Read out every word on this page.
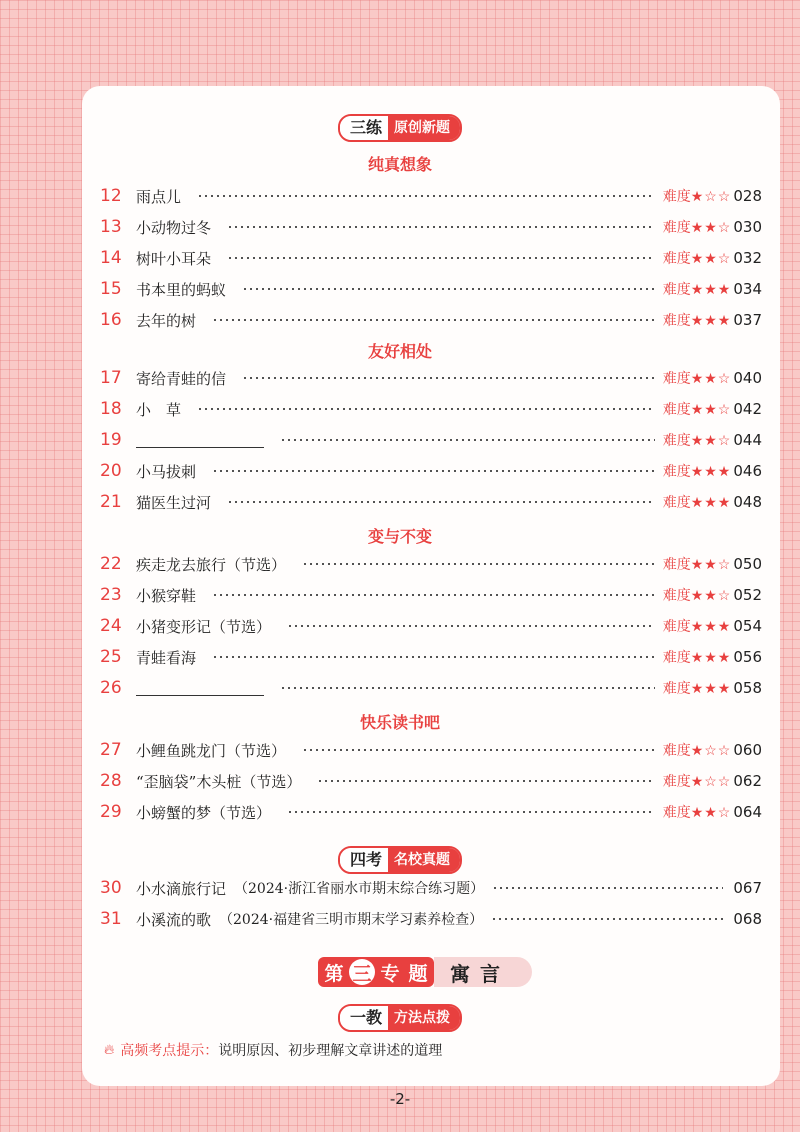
三练 原创新题
纯真想象
12 雨点儿	难度★☆☆ 028
13 小动物过冬	难度★★☆ 030
14 树叶小耳朵	难度★★☆ 032
15 书本里的蚂蚁	难度★★★ 034
16 去年的树	难度★★★ 037
友好相处
17 寄给青蛙的信	难度★★☆ 040
18 小　草	难度★★☆ 042
19	难度★★☆ 044
20 小马拔刺	难度★★★ 046
21 猫医生过河	难度★★★ 048
变与不变
22 疾走龙去旅行（节选）	难度★★☆ 050
23 小猴穿鞋	难度★★☆ 052
24 小猪变形记（节选）	难度★★★ 054
25 青蛙看海	难度★★★ 056
26	难度★★★ 058
快乐读书吧
27 小鲤鱼跳龙门（节选）	难度★☆☆ 060
28 “歪脑袋”木头桩（节选）	难度★☆☆ 062
29 小螃蟹的梦（节选）	难度★★☆ 064
四考 名校真题
30 小水滴旅行记 （2024·浙江省丽水市期末综合练习题）	067
31 小溪流的歌 （2024·福建省三明市期末学习素养检查）	068
第 三 专 题	寓言
一教 方法点拨
🔥︎ 高频考点提示： 说明原因、初步理解文章讲述的道理
-2-
